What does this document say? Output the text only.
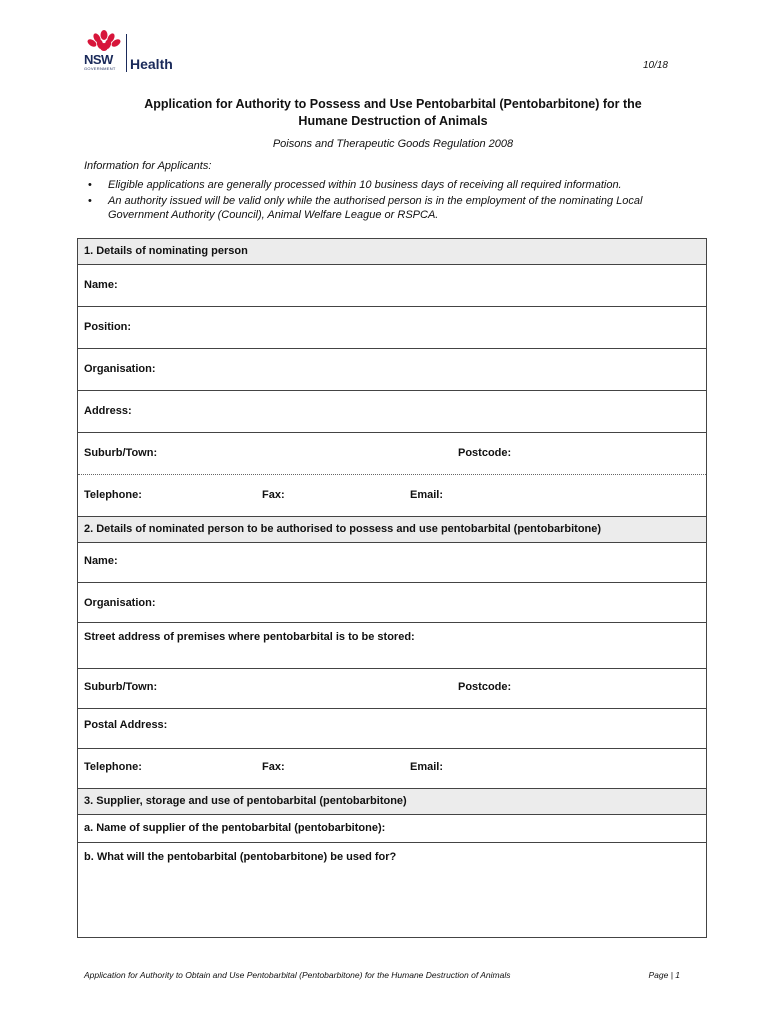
NSW
GOVERNMENT Health	10/18
Application for Authority to Possess and Use Pentobarbital (Pentobarbitone) for the
Humane Destruction of Animals
Poisons and Therapeutic Goods Regulation 2008
Information for Applicants:
• Eligible applications are generally processed within 10 business days of receiving all required information.
• An authority issued will be valid only while the authorised person is in the employment of the nominating Local Government Authority (Council), Animal Welfare League or RSPCA.
1. Details of nominating person
Name:
Position:
Organisation:
Address:
Suburb/Town:	Postcode:
Telephone:	Fax:	Email:
2. Details of nominated person to be authorised to possess and use pentobarbital (pentobarbitone)
Name:
Organisation:
Street address of premises where pentobarbital is to be stored:
Suburb/Town:	Postcode:
Postal Address:
Telephone:	Fax:	Email:
3. Supplier, storage and use of pentobarbital (pentobarbitone)
a. Name of supplier of the pentobarbital (pentobarbitone):
b. What will the pentobarbital (pentobarbitone) be used for?
Application for Authority to Obtain and Use Pentobarbital (Pentobarbitone) for the Humane Destruction of Animals	Page | 1
